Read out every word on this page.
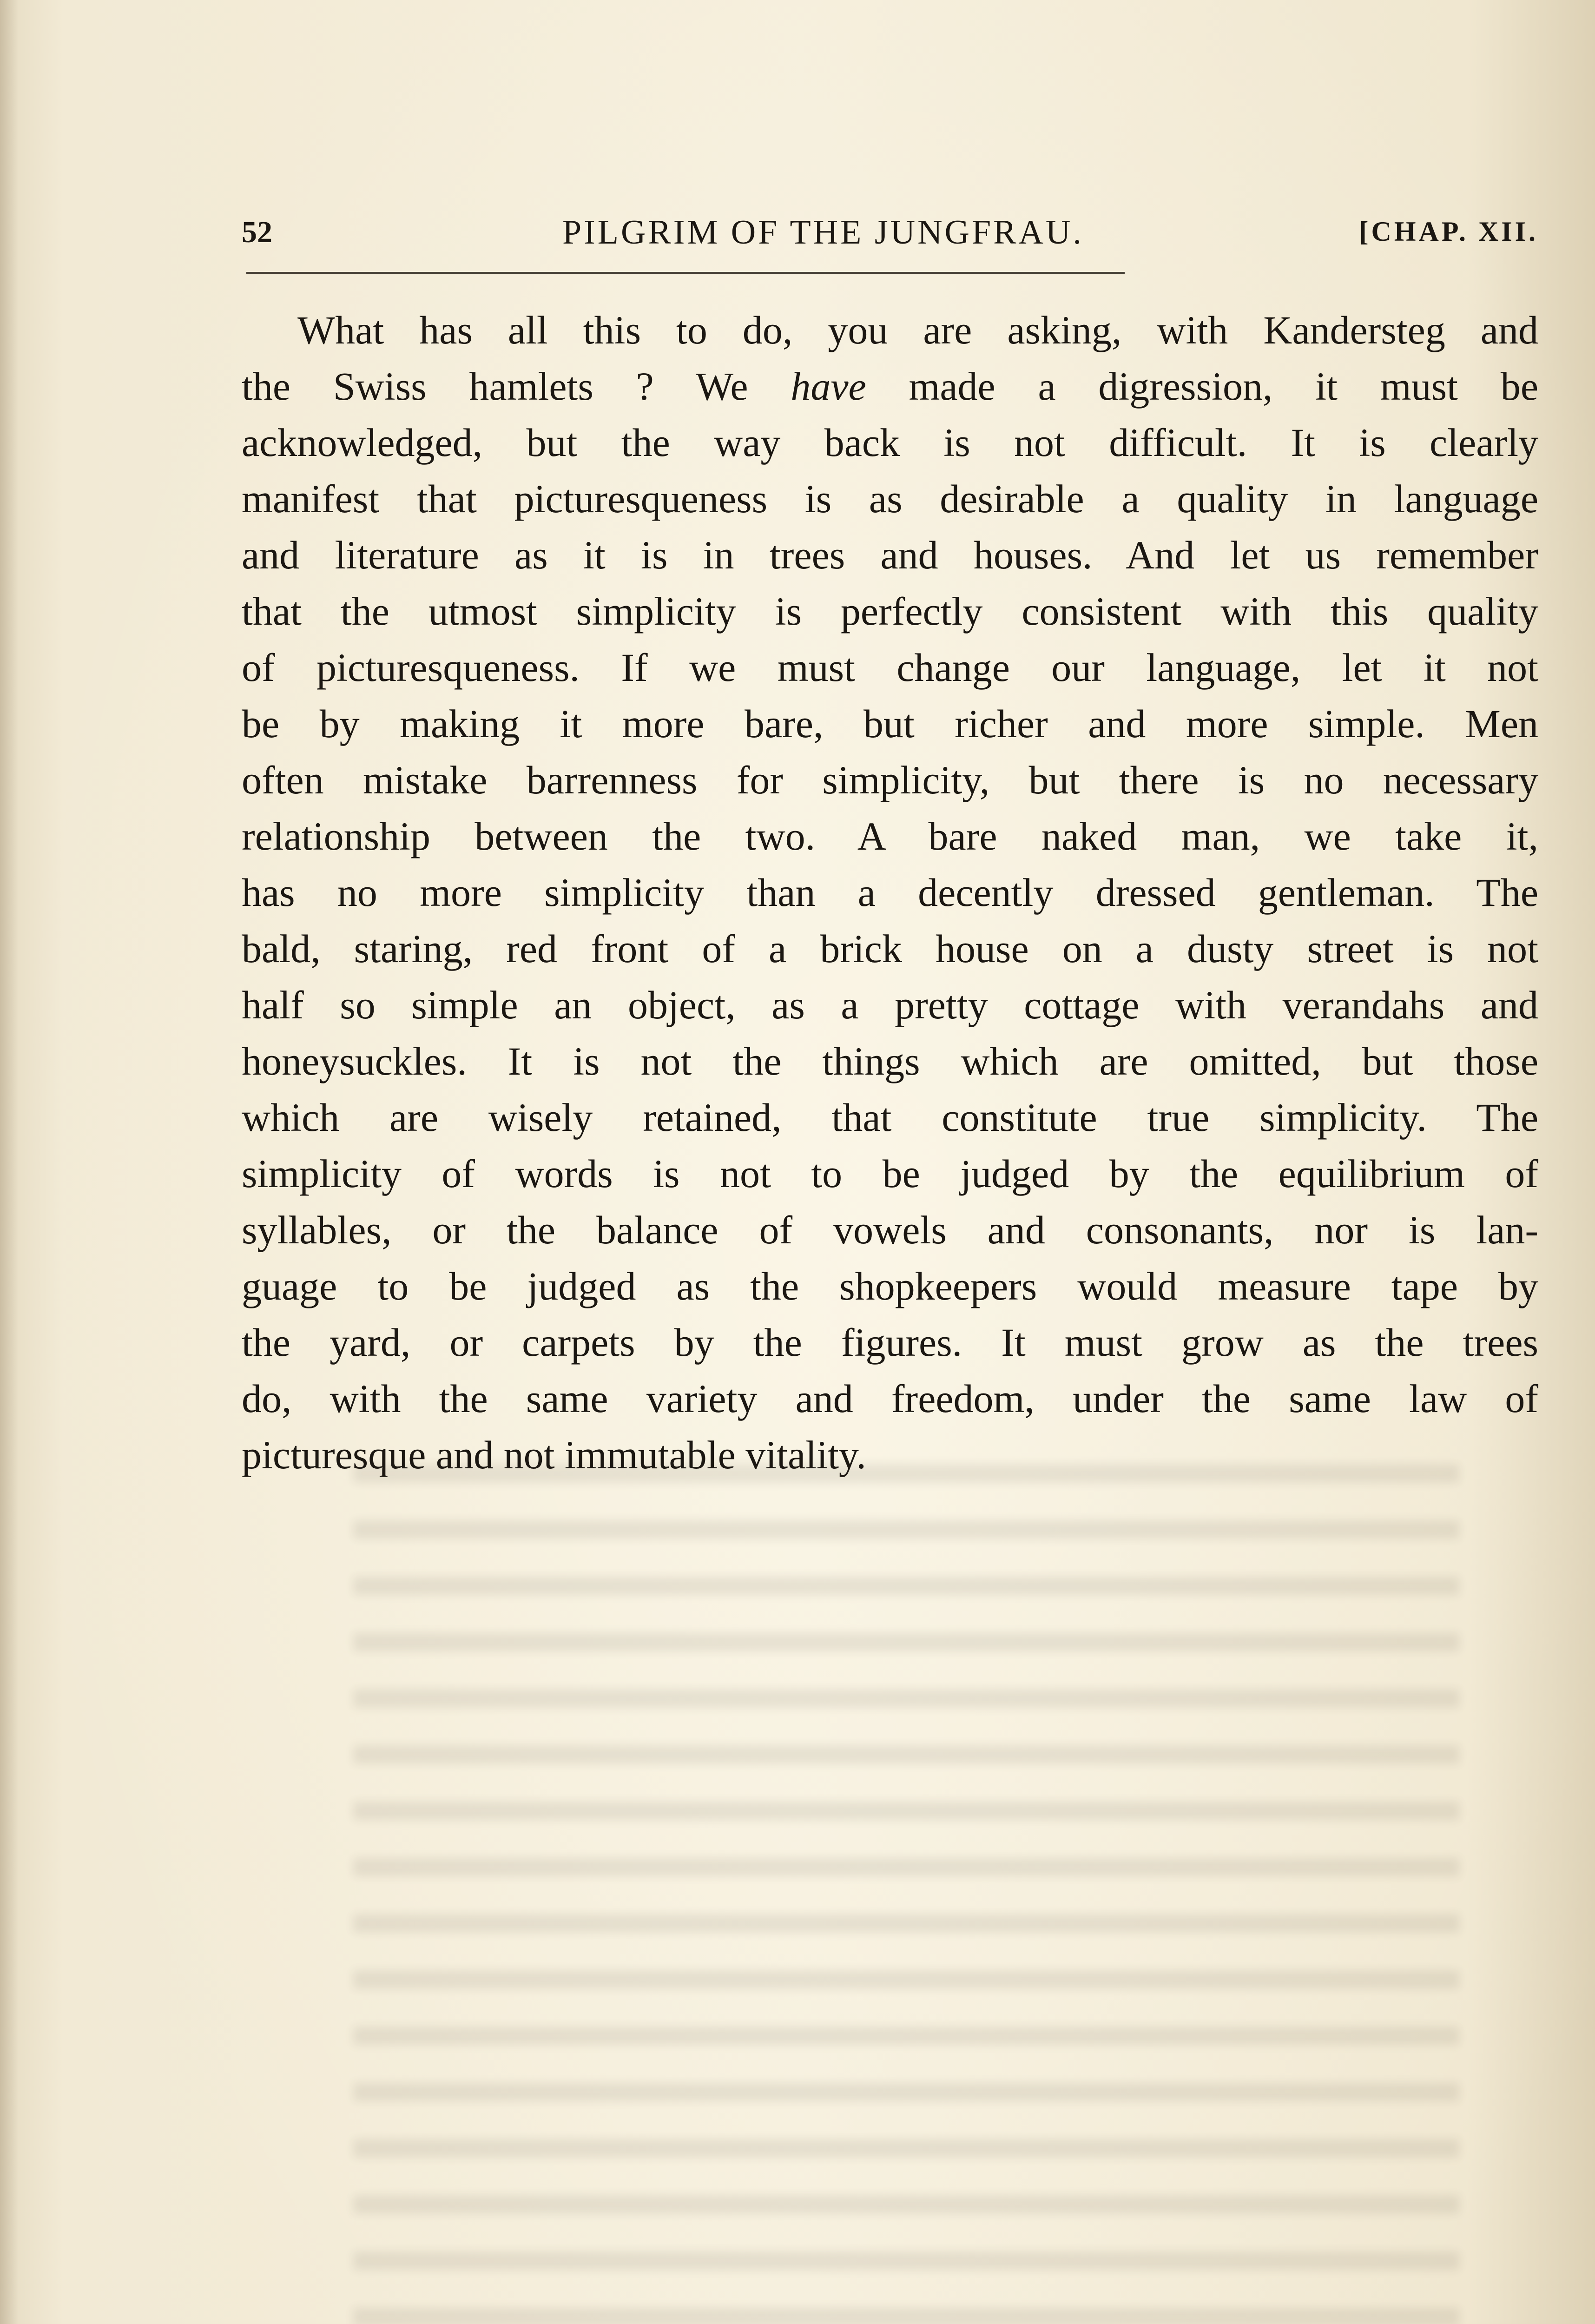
52	PILGRIM OF THE JUNGFRAU.	[CHAP. XII.
What has all this to do, you are asking, with Kandersteg and
the Swiss hamlets ? We have made a digression, it must be
acknowledged, but the way back is not difficult. It is clearly
manifest that picturesqueness is as desirable a quality in language
and literature as it is in trees and houses. And let us remember
that the utmost simplicity is perfectly consistent with this quality
of picturesqueness. If we must change our language, let it not
be by making it more bare, but richer and more simple. Men
often mistake barrenness for simplicity, but there is no necessary
relationship between the two. A bare naked man, we take it,
has no more simplicity than a decently dressed gentleman. The
bald, staring, red front of a brick house on a dusty street is not
half so simple an object, as a pretty cottage with verandahs and
honeysuckles. It is not the things which are omitted, but those
which are wisely retained, that constitute true simplicity. The
simplicity of words is not to be judged by the equilibrium of
syllables, or the balance of vowels and consonants, nor is lan-
guage to be judged as the shopkeepers would measure tape by
the yard, or carpets by the figures. It must grow as the trees
do, with the same variety and freedom, under the same law of
picturesque and not immutable vitality.
